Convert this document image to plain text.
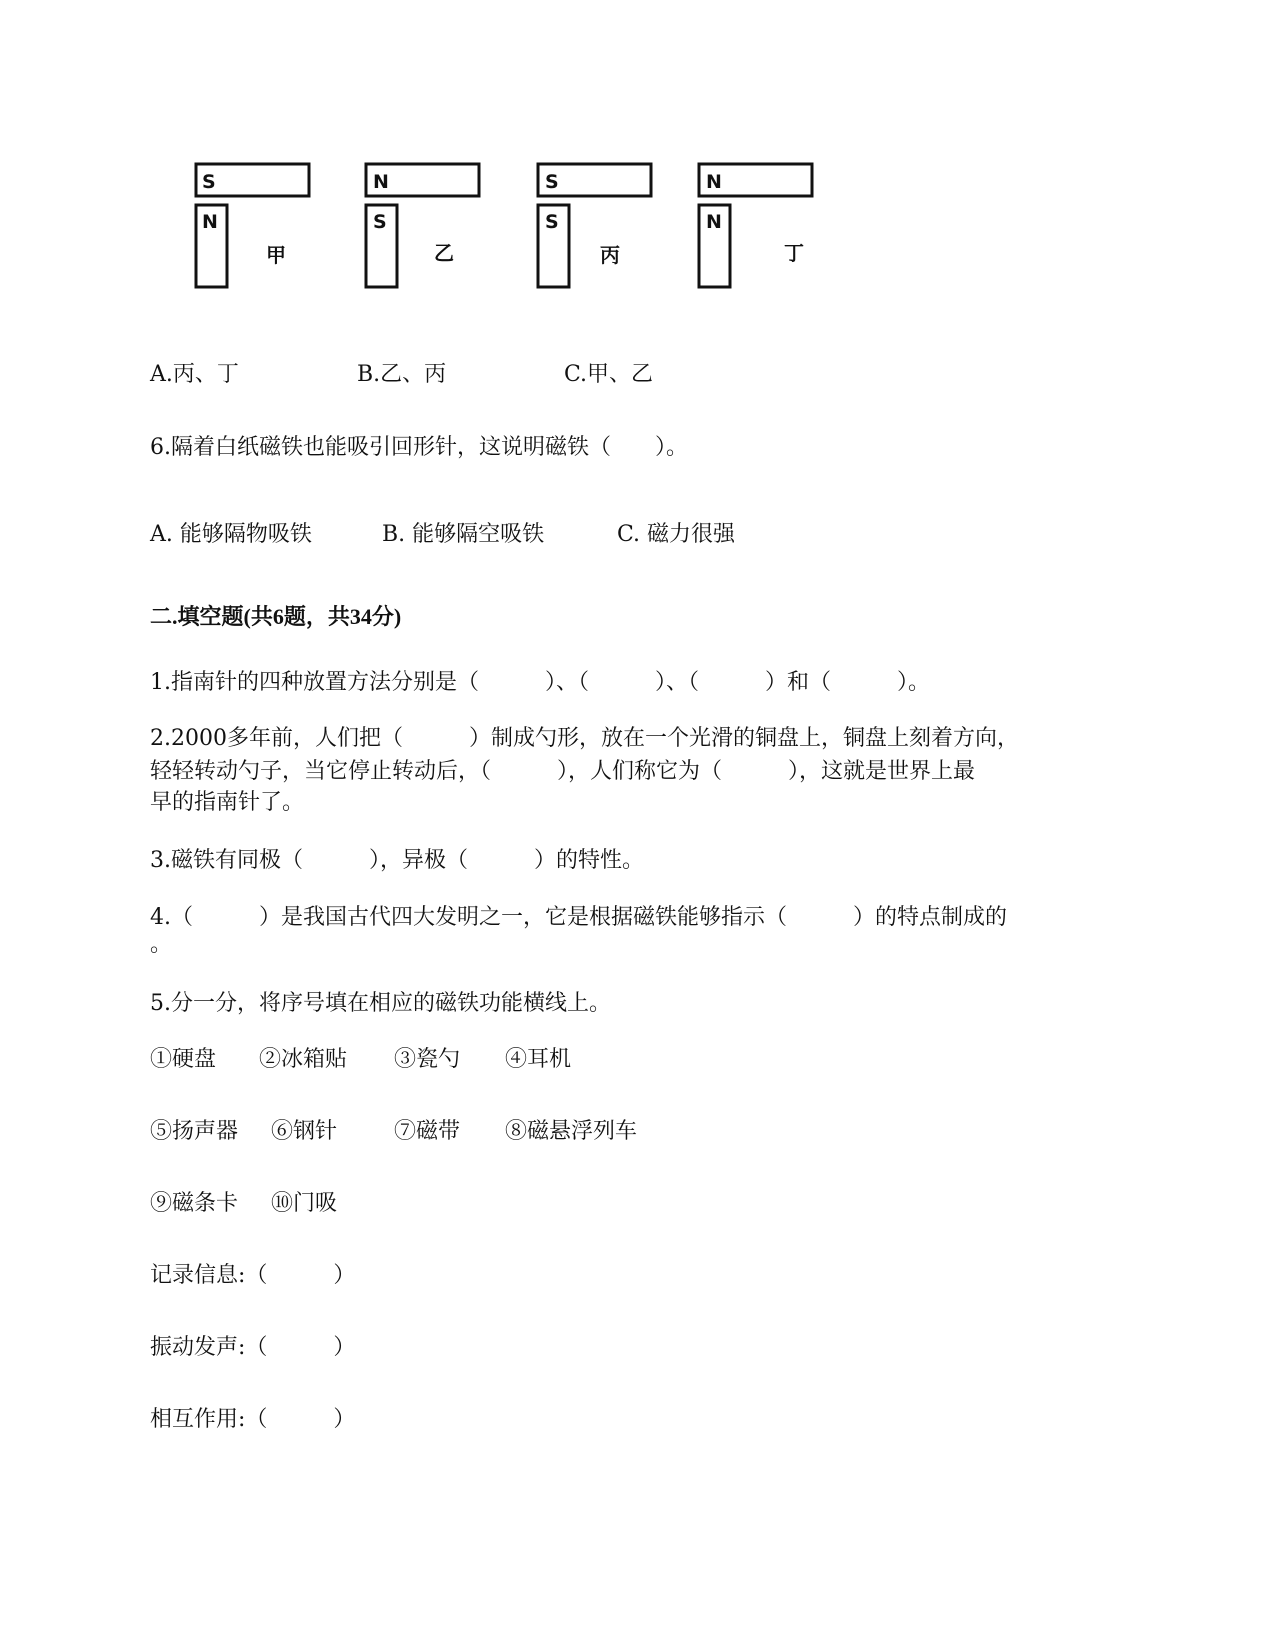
S
N
甲
N
S
乙
S
S
丙
N
N
丁
A.丙、丁	B.乙、丙	C.甲、乙
6.隔着白纸磁铁也能吸引回形针，这说明磁铁（　　）。
A. 能够隔物吸铁	B. 能够隔空吸铁	C. 磁力很强
二.填空题(共6题，共34分)
1.指南针的四种放置方法分别是（　　　）、（　　　）、（　　　）和（　　　）。
2.2000多年前，人们把（　　　）制成勺形，放在一个光滑的铜盘上，铜盘上刻着方向，
轻轻转动勺子，当它停止转动后，（　　　），人们称它为（　　　），这就是世界上最
早的指南针了。
3.磁铁有同极（　　　），异极（　　　）的特性。
4.（　　　）是我国古代四大发明之一，它是根据磁铁能够指示（　　　）的特点制成的
。
5.分一分，将序号填在相应的磁铁功能横线上。
①硬盘 ②冰箱贴 ③瓷勺 ④耳机
⑤扬声器 ⑥钢针	⑦磁带 ⑧磁悬浮列车
⑨磁条卡 ⑩门吸
记录信息:（　　　）
振动发声:（　　　）
相互作用:（　　　）
